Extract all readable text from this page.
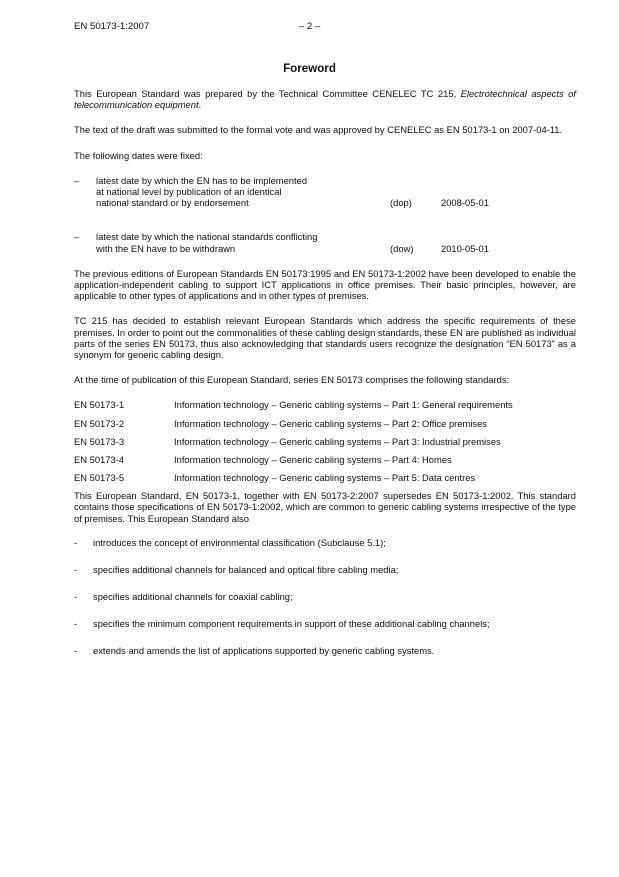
EN 50173-1:2007	– 2 –
Foreword

This European Standard was prepared by the Technical Committee CENELEC TC 215, Electrotechnical aspects of telecommunication equipment.

The text of the draft was submitted to the formal vote and was approved by CENELEC as EN 50173-1 on 2007-04-11.

The following dates were fixed:

– latest date by which the EN has to be implemented
at national level by publication of an identical
national standard or by endorsement	(dop)	2008-05-01
– latest date by which the national standards conflicting
with the EN have to be withdrawn	(dow)	2010-05-01

The previous editions of European Standards EN 50173:1995 and EN 50173-1:2002 have been developed to enable the application-independent cabling to support ICT applications in office premises. Their basic principles, however, are applicable to other types of applications and in other types of premises.

TC 215 has decided to establish relevant European Standards which address the specific requirements of these premises. In order to point out the commonalities of these cabling design standards, these EN are published as individual parts of the series EN 50173, thus also acknowledging that standards users recognize the designation “EN 50173” as a synonym for generic cabling design.

At the time of publication of this European Standard, series EN 50173 comprises the following standards:

EN 50173-1	Information technology – Generic cabling systems – Part 1: General requirements
EN 50173-2	Information technology – Generic cabling systems – Part 2: Office premises
EN 50173-3	Information technology – Generic cabling systems – Part 3: Industrial premises
EN 50173-4	Information technology – Generic cabling systems – Part 4: Homes
EN 50173-5	Information technology – Generic cabling systems – Part 5: Data centres

This European Standard, EN 50173-1, together with EN 50173-2:2007 supersedes EN 50173-1:2002. This standard contains those specifications of EN 50173-1:2002, which are common to generic cabling systems irrespective of the type of premises. This European Standard also

- introduces the concept of environmental classification (Subclause 5.1);
- specifies additional channels for balanced and optical fibre cabling media;
- specifies additional channels for coaxial cabling;
- specifies the minimum component requirements in support of these additional cabling channels;
- extends and amends the list of applications supported by generic cabling systems.
